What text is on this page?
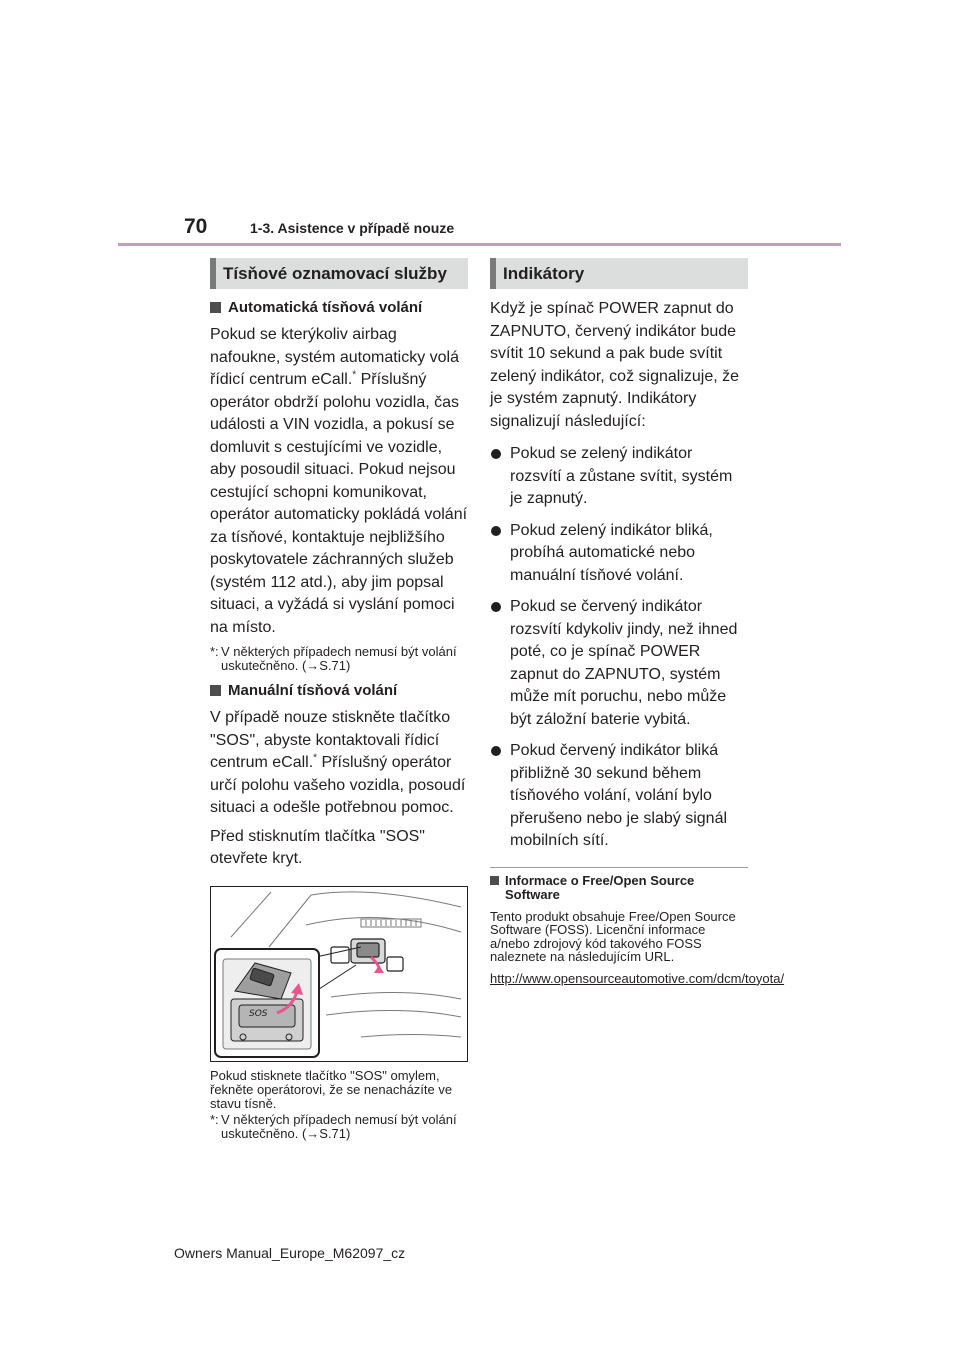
70	1-3. Asistence v případě nouze
Tísňové oznamovací služby
Automatická tísňová volání

Pokud se kterýkoliv airbag nafoukne, systém automaticky volá řídicí centrum eCall.* Příslušný operátor obdrží polohu vozidla, čas události a VIN vozidla, a pokusí se domluvit s cestujícími ve vozidle, aby posoudil situaci. Pokud nejsou cestující schopni komunikovat, operátor automaticky pokládá volání za tísňové, kontaktuje nejbližšího poskytovatele záchranných služeb (systém 112 atd.), aby jim popsal situaci, a vyžádá si vyslání pomoci na místo.

*: V některých případech nemusí být volání uskutečněno. (→S.71)
Manuální tísňová volání

V případě nouze stiskněte tlačítko "SOS", abyste kontaktovali řídicí centrum eCall.* Příslušný operátor určí polohu vašeho vozidla, posoudí situaci a odešle potřebnou pomoc.

Před stisknutím tlačítka "SOS" otevřete kryt.

SOS

Pokud stisknete tlačítko "SOS" omylem, řekněte operátorovi, že se nenacházíte ve stavu tísně.

*: V některých případech nemusí být volání uskutečněno. (→S.71)
Indikátory

Když je spínač POWER zapnut do ZAPNUTO, červený indikátor bude svítit 10 sekund a pak bude svítit zelený indikátor, což signalizuje, že je systém zapnutý. Indikátory signalizují následující:

Pokud se zelený indikátor rozsvítí a zůstane svítit, systém je zapnutý.
Pokud zelený indikátor bliká, probíhá automatické nebo manuální tísňové volání.
Pokud se červený indikátor rozsvítí kdykoliv jindy, než ihned poté, co je spínač POWER zapnut do ZAPNUTO, systém může mít poruchu, nebo může být záložní baterie vybitá.
Pokud červený indikátor bliká přibližně 30 sekund během tísňového volání, volání bylo přerušeno nebo je slabý signál mobilních sítí.
Informace o Free/Open Source Software

Tento produkt obsahuje Free/Open Source Software (FOSS). Licenční informace a/nebo zdrojový kód takového FOSS naleznete na následujícím URL.

http://www.opensourceautomotive.com/dcm/toyota/
Owners Manual_Europe_M62097_cz
